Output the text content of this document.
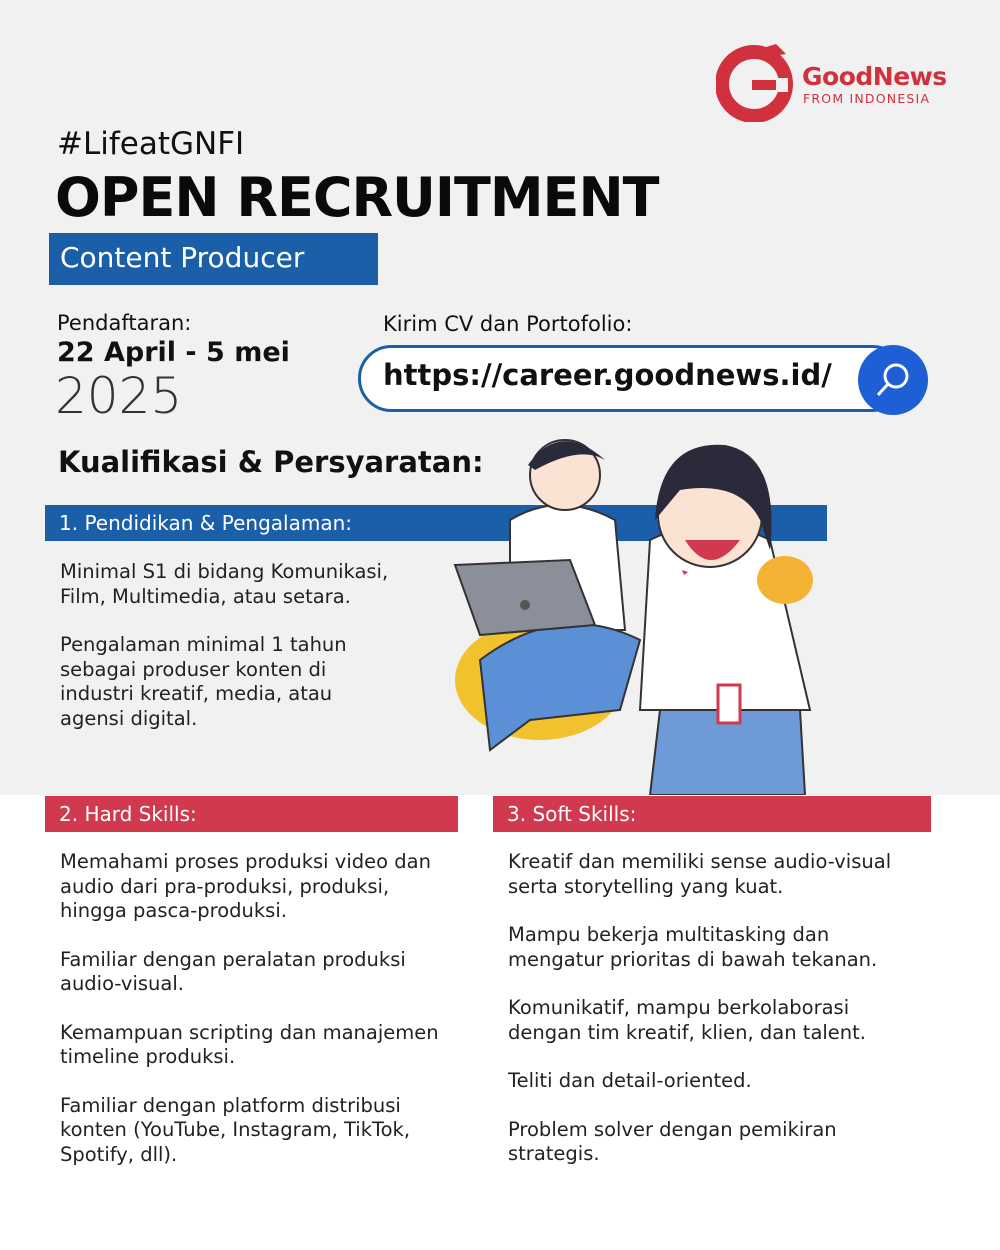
GoodNews
FROM INDONESIA
#LifeatGNFI
OPEN RECRUITMENT
Content Producer
Pendaftaran:
22 April - 5 mei
2025
Kirim CV dan Portofolio:
https://career.goodnews.id/
Kualifikasi & Persyaratan:
1. Pendidikan & Pengalaman:

Minimal S1 di bidang Komunikasi, Film, Multimedia, atau setara.

Pengalaman minimal 1 tahun sebagai produser konten di industri kreatif, media, atau agensi digital.

2. Hard Skills:	3. Soft Skills:

Memahami proses produksi video dan audio dari pra-produksi, produksi, hingga pasca-produksi.

Familiar dengan peralatan produksi audio-visual.

Kemampuan scripting dan manajemen timeline produksi.

Familiar dengan platform distribusi konten (YouTube, Instagram, TikTok, Spotify, dll).

Kreatif dan memiliki sense audio-visual serta storytelling yang kuat.

Mampu bekerja multitasking dan mengatur prioritas di bawah tekanan.

Komunikatif, mampu berkolaborasi dengan tim kreatif, klien, dan talent.

Teliti dan detail-oriented.

Problem solver dengan pemikiran strategis.
